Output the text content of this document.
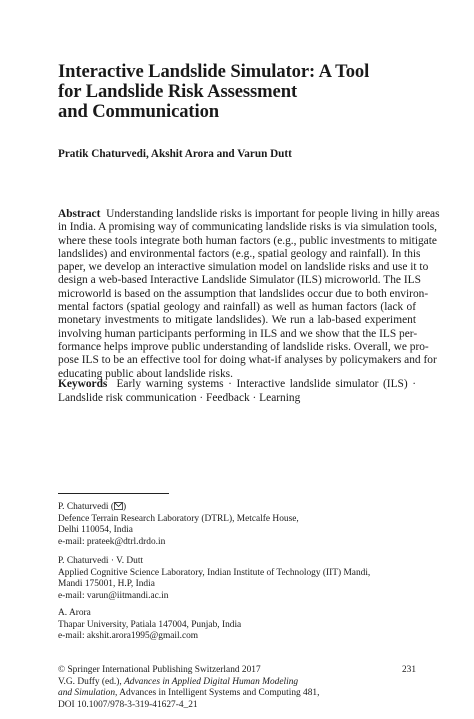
Interactive Landslide Simulator: A Tool
for Landslide Risk Assessment
and Communication
Pratik Chaturvedi, Akshit Arora and Varun Dutt
Abstract Understanding landslide risks is important for people living in hilly areas
in India. A promising way of communicating landslide risks is via simulation tools,
where these tools integrate both human factors (e.g., public investments to mitigate
landslides) and environmental factors (e.g., spatial geology and rainfall). In this
paper, we develop an interactive simulation model on landslide risks and use it to
design a web-based Interactive Landslide Simulator (ILS) microworld. The ILS
microworld is based on the assumption that landslides occur due to both environ-
mental factors (spatial geology and rainfall) as well as human factors (lack of
monetary investments to mitigate landslides). We run a lab-based experiment
involving human participants performing in ILS and we show that the ILS per-
formance helps improve public understanding of landslide risks. Overall, we pro-
pose ILS to be an effective tool for doing what-if analyses by policymakers and for
educating public about landslide risks.
Keywords Early warning systems · Interactive landslide simulator (ILS) ·
Landslide risk communication · Feedback · Learning
P. Chaturvedi ( )
Defence Terrain Research Laboratory (DTRL), Metcalfe House,
Delhi 110054, India
e-mail: prateek@dtrl.drdo.in
P. Chaturvedi · V. Dutt
Applied Cognitive Science Laboratory, Indian Institute of Technology (IIT) Mandi,
Mandi 175001, H.P, India
e-mail: varun@iitmandi.ac.in
A. Arora
Thapar University, Patiala 147004, Punjab, India
e-mail: akshit.arora1995@gmail.com
231
© Springer International Publishing Switzerland 2017
V.G. Duffy (ed.), Advances in Applied Digital Human Modeling
and Simulation, Advances in Intelligent Systems and Computing 481,
DOI 10.1007/978-3-319-41627-4_21
